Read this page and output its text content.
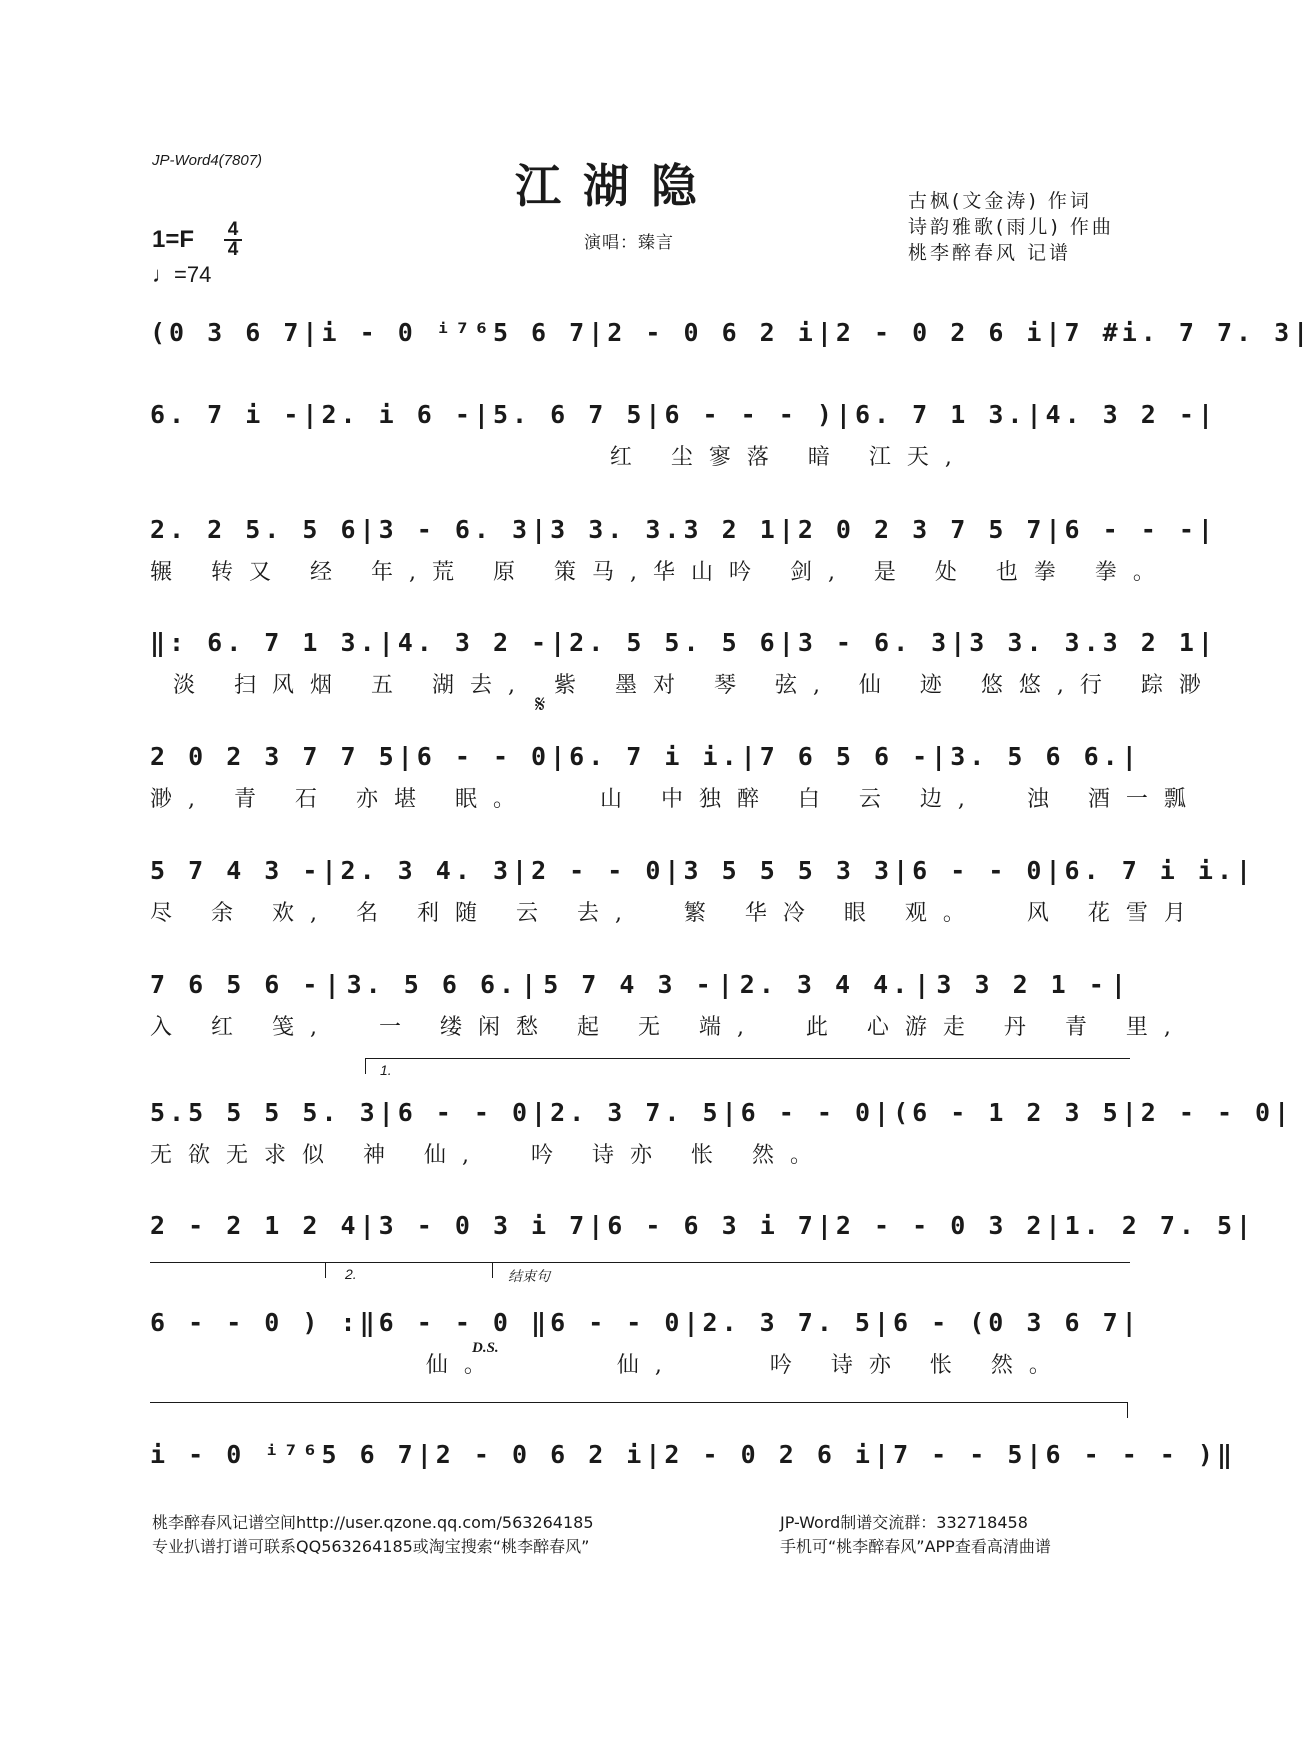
JP-Word4(7807)	江湖隐
演唱：臻言
古枫(文金涛) 作词
诗韵雅歌(雨儿) 作曲
桃李醉春风 记谱
1=F	4
4
♩=74
(0 3 6 7 | i - 0 ⁱ⁷⁶5 6 7 | 2 - 0 6 2 i | 2 - 0 2 6 i | 7 #i. 7 7. 3 |
6. 7 i - | 2. i 6 - | 5. 6 7 5 | 6 - - - ) | 6. 7 1 3. | 4. 3 2 - |
红 尘寥落 暗 江天,
2. 2 5. 5 6 | 3 - 6. 3 | 3 3. 3.3 2 1 | 2 0 2 3 7 5 7 | 6 - - - |
辗 转又 经 年,荒 原 策马,华山吟 剑, 是 处 也拳 拳。
‖: 6. 7 1 3. | 4. 3 2 - | 2. 5 5. 5 6 | 3 - 6. 3 | 3 3. 3.3 2 1 |
淡 扫风烟 五 湖去, 紫 墨对 琴 弦, 仙 迹 悠悠,行 踪渺
2 0 2 3 7 7 5 | 6 - - 0 | 6. 7 i i. | 7 6 5 6 - | 3. 5 6 6. |
渺, 青 石 亦堪 眠。   山 中独醉 白 云 边,  浊 酒一瓢
5 7 4 3 - | 2. 3 4. 3 | 2 - - 0 | 3 5 5 5 3 3 | 6 - - 0 | 6. 7 i i. |
尽 余 欢, 名 利随 云 去,  繁 华冷 眼 观。  风 花雪月
7 6 5 6 - | 3. 5 6 6. | 5 7 4 3 - | 2. 3 4 4. | 3 3 2 1 - |
入 红 笺,  一 缕闲愁 起 无 端,  此 心游走 丹 青 里,
5.5 5 5 5. 3 | 6 - - 0 | 2. 3 7. 5 | 6 - - 0 | (6 - 1 2 3 5 | 2 - - 0 |
无欲无求似 神 仙,  吟 诗亦 怅 然。
2 - 2 1 2 4 | 3 - 0 3 i 7 | 6 - 6 3 i 7 | 2 - - 0 3 2 | 1. 2 7. 5 |
6 - - 0 ) :‖ 6 - - 0 ‖ 6 - - 0 | 2. 3 7. 5 | 6 - (0 3 6 7 |
仙。     仙,    吟 诗亦 怅 然。
i - 0 ⁱ⁷⁶5 6 7 | 2 - 0 6 2 i | 2 - 0 2 6 i | 7 - - 5 | 6 - - - )‖
𝄋
1.
2.	结束句
D.S.
桃李醉春风记谱空间http://user.qzone.qq.com/563264185
专业扒谱打谱可联系QQ563264185或淘宝搜索“桃李醉春风”
JP-Word制谱交流群：332718458
手机可“桃李醉春风”APP查看高清曲谱
